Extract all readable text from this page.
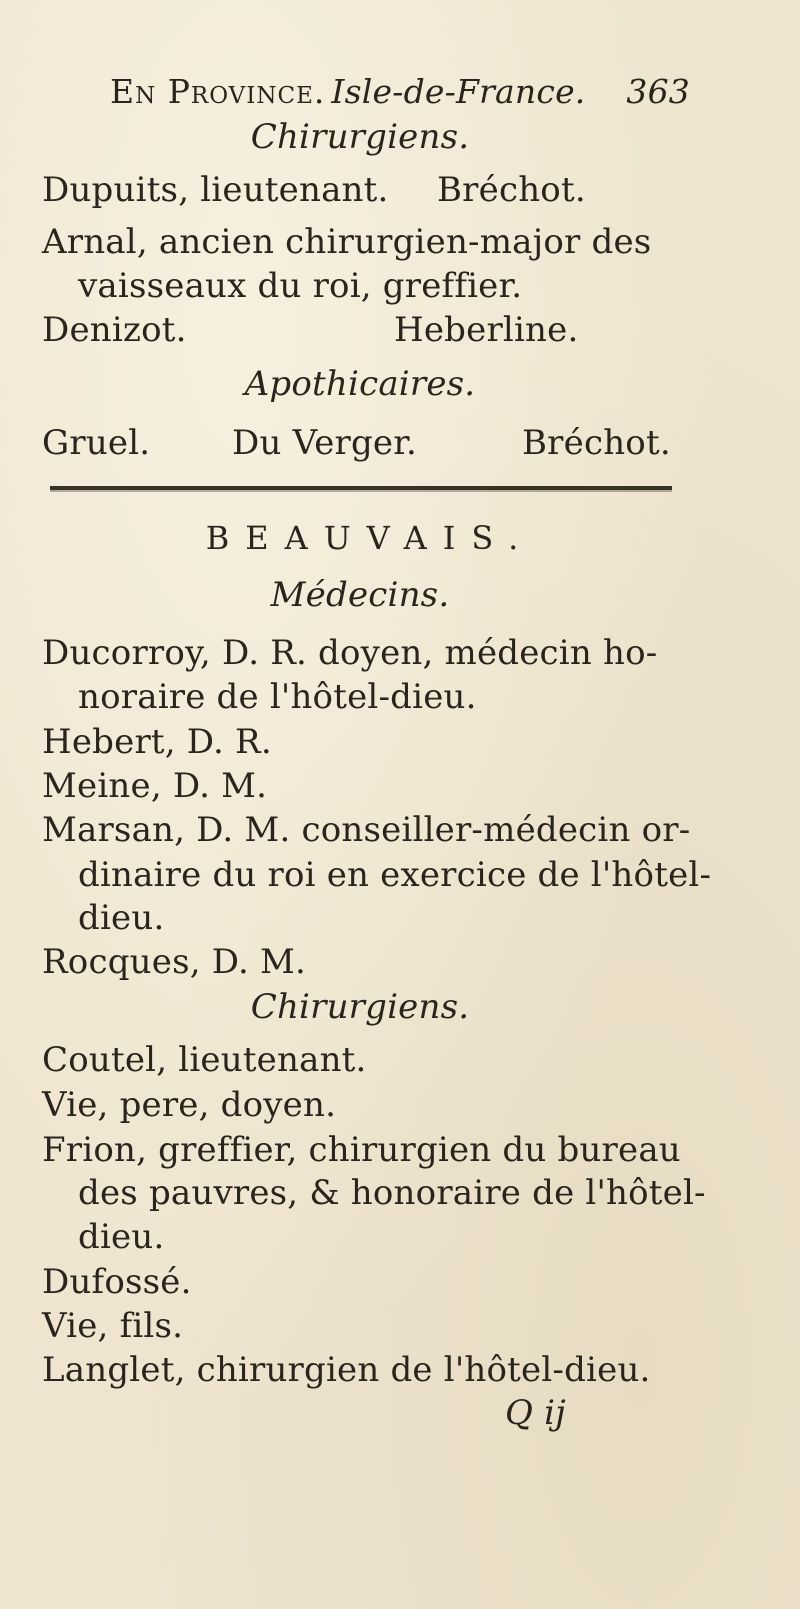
En Province. Isle-de-France. 363
Chirurgiens.
Dupuits, lieutenant. Bréchot.
Arnal, ancien chirurgien-major des
vaisseaux du roi, greffier.
Denizot.	Heberline.
Apothicaires.
Gruel. Du Verger.	Bréchot.
BEAUVAIS.
Médecins.
Ducorroy, D. R. doyen, médecin ho-
noraire de l'hôtel-dieu.
Hebert, D. R.
Meine, D. M.
Marsan, D. M. conseiller-médecin or-
dinaire du roi en exercice de l'hôtel-
dieu.
Rocques, D. M.
Chirurgiens.
Coutel, lieutenant.
Vie, pere, doyen.
Frion, greffier, chirurgien du bureau
des pauvres, & honoraire de l'hôtel-
dieu.
Dufossé.
Vie, fils.
Langlet, chirurgien de l'hôtel-dieu.
Q ij
